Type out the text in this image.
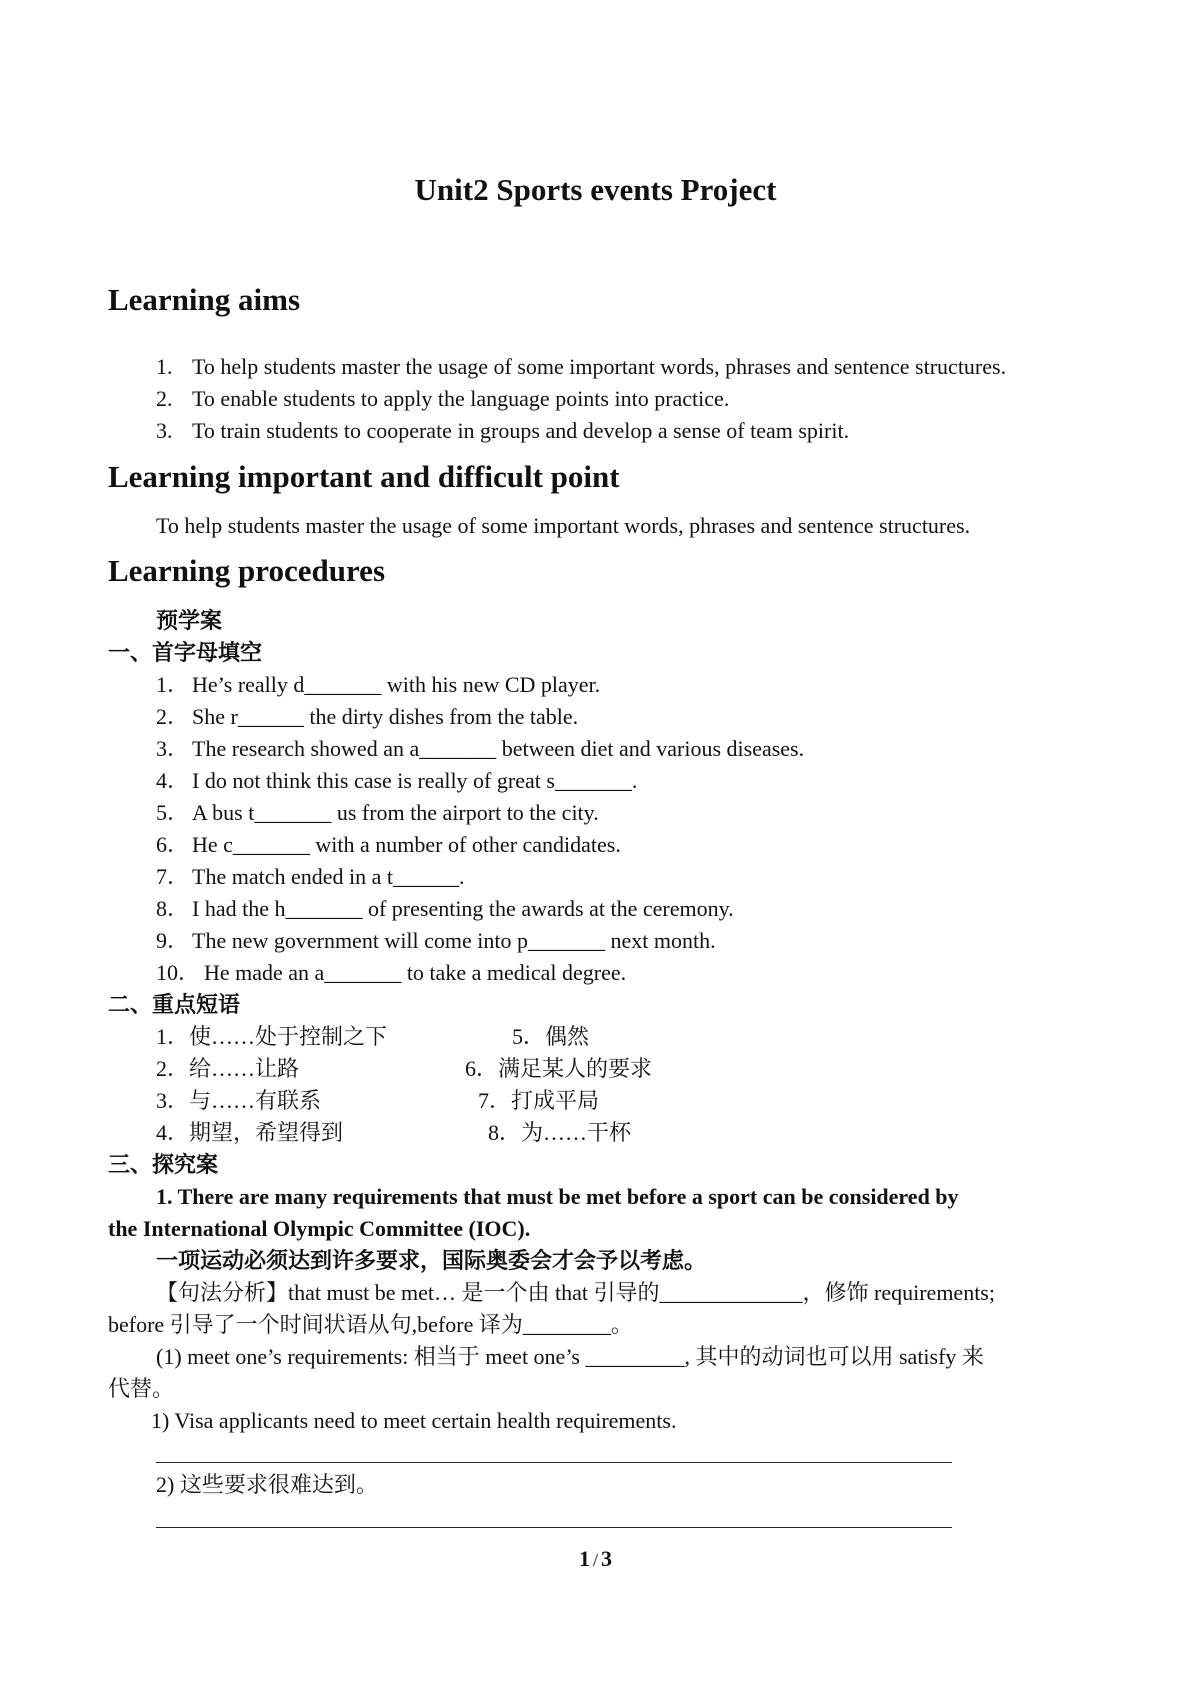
Unit2 Sports events Project
Learning aims
1. To help students master the usage of some important words, phrases and sentence structures.
2. To enable students to apply the language points into practice.
3. To train students to cooperate in groups and develop a sense of team spirit.
Learning important and difficult point
To help students master the usage of some important words, phrases and sentence structures.
Learning procedures
预学案
一、首字母填空
1． He’s really d_______ with his new CD player.
2． She r______ the dirty dishes from the table.
3． The research showed an a_______ between diet and various diseases.
4． I do not think this case is really of great s_______.
5． A bus t_______ us from the airport to the city.
6． He c_______ with a number of other candidates.
7． The match ended in a t______.
8． I had the h_______ of presenting the awards at the ceremony.
9． The new government will come into p_______ next month.
10． He made an a_______ to take a medical degree.
二、重点短语
1．使……处于控制之下	5．偶然
2．给……让路	6．满足某人的要求
3．与……有联系	7．打成平局
4．期望，希望得到	8．为……干杯
三、探究案
1. There are many requirements that must be met before a sport can be considered by
the International Olympic Committee (IOC).
一项运动必须达到许多要求，国际奥委会才会予以考虑。
【句法分析】that must be met… 是一个由 that 引导的_____________，修饰 requirements;
before 引导了一个时间状语从句,before 译为________。
(1) meet one’s requirements: 相当于 meet one’s _________, 其中的动词也可以用 satisfy 来
代替。
1) Visa applicants need to meet certain health requirements.
2) 这些要求很难达到。
1 / 3
